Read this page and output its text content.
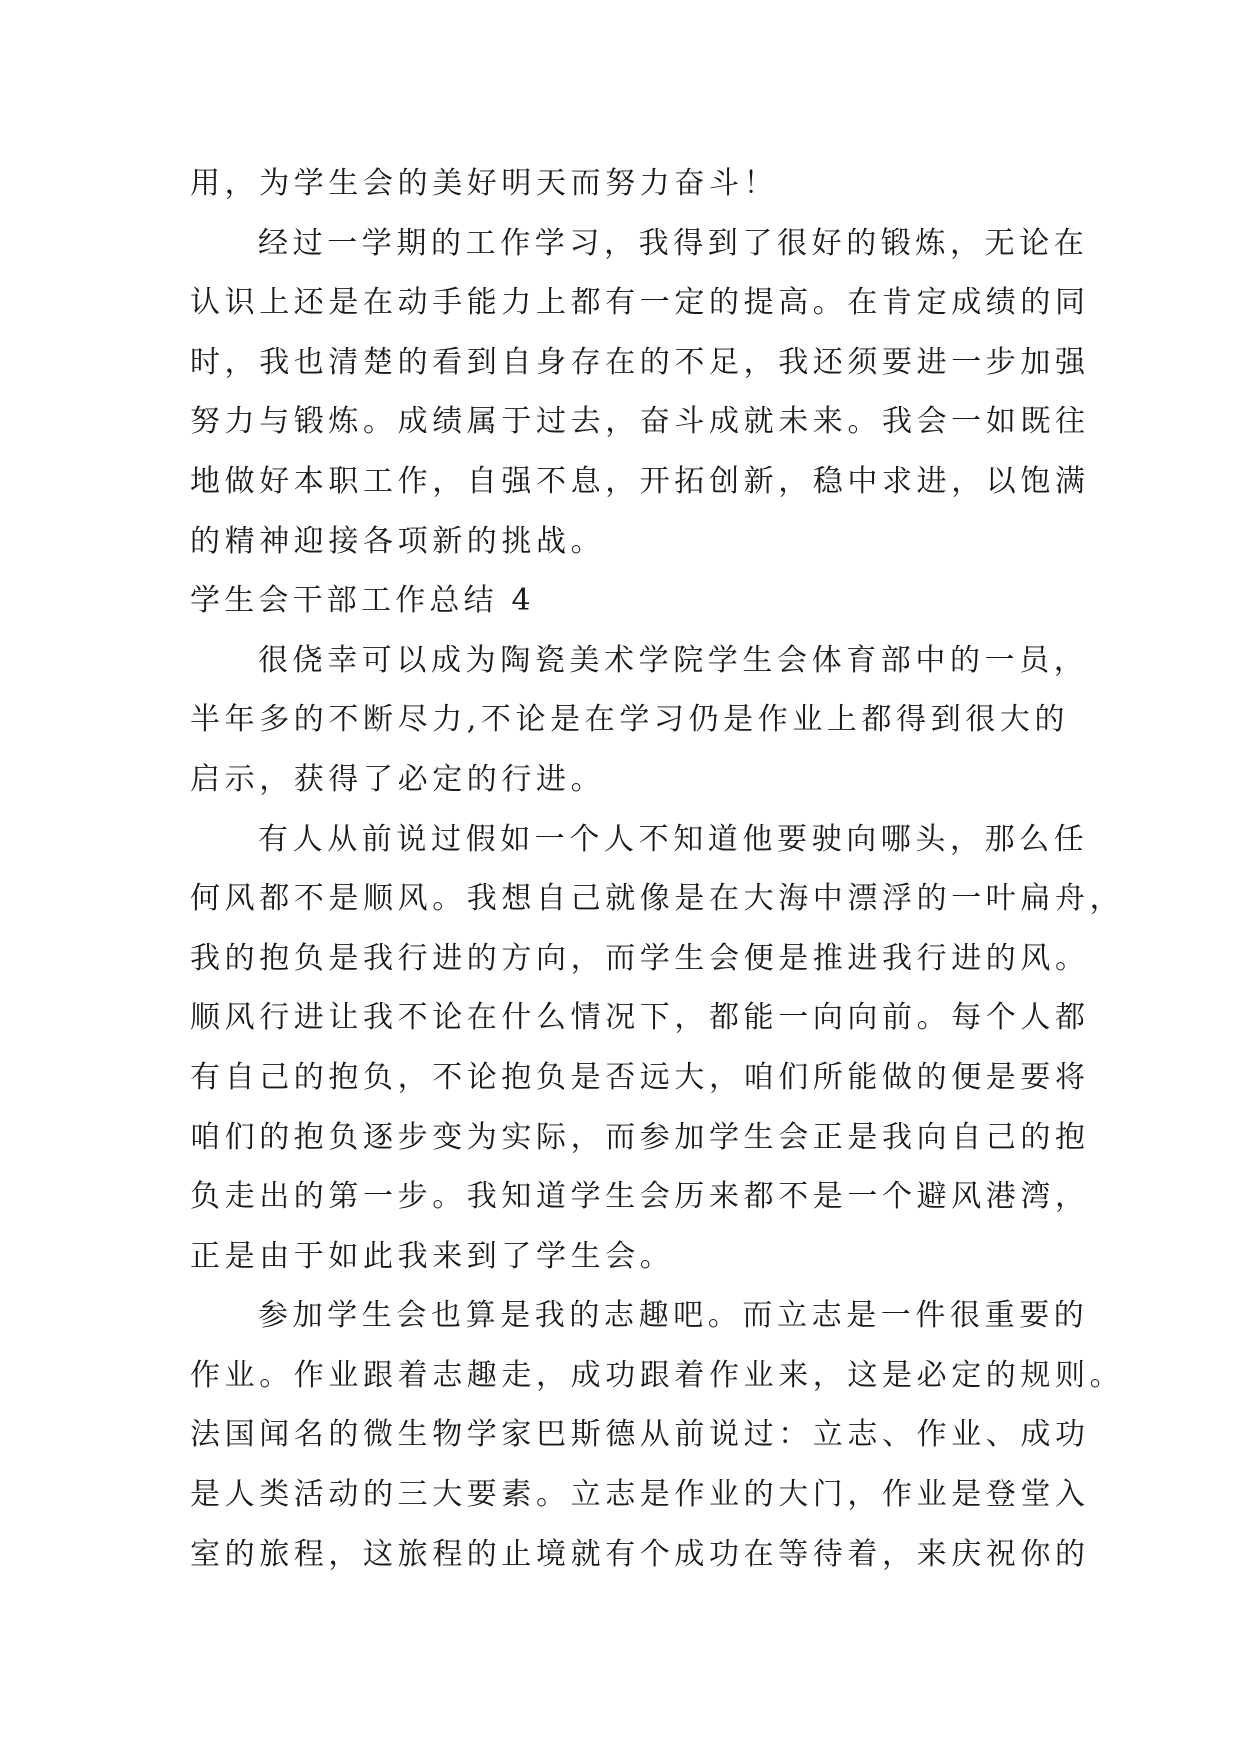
用，为学生会的美好明天而努力奋斗！
经过一学期的工作学习，我得到了很好的锻炼，无论在
认识上还是在动手能力上都有一定的提高。在肯定成绩的同
时，我也清楚的看到自身存在的不足，我还须要进一步加强
努力与锻炼。成绩属于过去，奋斗成就未来。我会一如既往
地做好本职工作，自强不息，开拓创新，稳中求进，以饱满
的精神迎接各项新的挑战。
学生会干部工作总结 4
很侥幸可以成为陶瓷美术学院学生会体育部中的一员，
半年多的不断尽力,不论是在学习仍是作业上都得到很大的
启示，获得了必定的行进。
有人从前说过假如一个人不知道他要驶向哪头，那么任
何风都不是顺风。我想自己就像是在大海中漂浮的一叶扁舟，
我的抱负是我行进的方向，而学生会便是推进我行进的风。
顺风行进让我不论在什么情况下，都能一向向前。每个人都
有自己的抱负，不论抱负是否远大，咱们所能做的便是要将
咱们的抱负逐步变为实际，而参加学生会正是我向自己的抱
负走出的第一步。我知道学生会历来都不是一个避风港湾，
正是由于如此我来到了学生会。
参加学生会也算是我的志趣吧。而立志是一件很重要的
作业。作业跟着志趣走，成功跟着作业来，这是必定的规则。
法国闻名的微生物学家巴斯德从前说过：立志、作业、成功
是人类活动的三大要素。立志是作业的大门，作业是登堂入
室的旅程，这旅程的止境就有个成功在等待着，来庆祝你的
